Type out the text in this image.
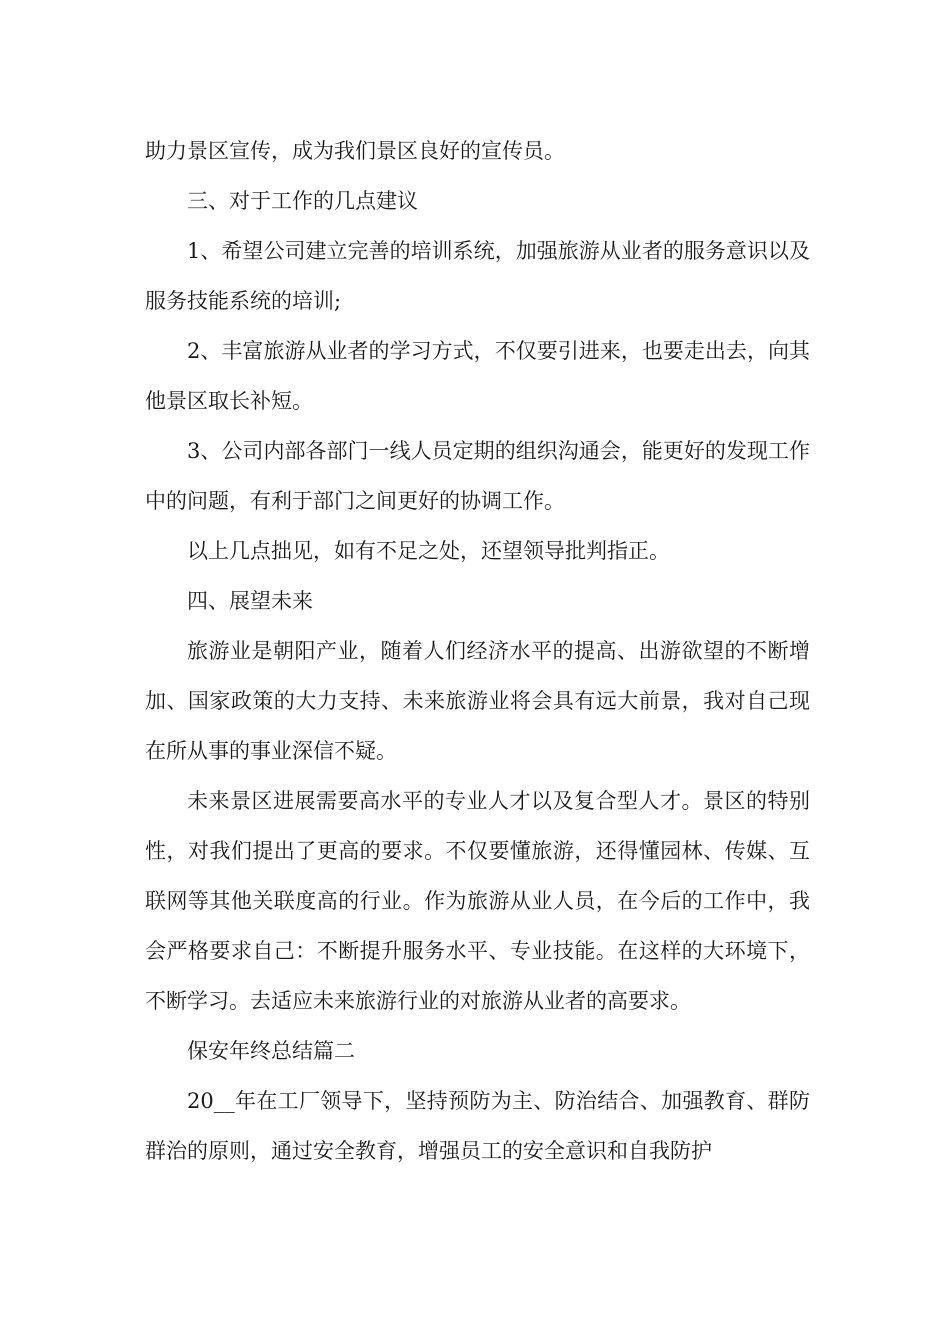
助力景区宣传，成为我们景区良好的宣传员。

三、对于工作的几点建议

1、希望公司建立完善的培训系统，加强旅游从业者的服务意识以及服务技能系统的培训;

2、丰富旅游从业者的学习方式，不仅要引进来，也要走出去，向其他景区取长补短。

3、公司内部各部门一线人员定期的组织沟通会，能更好的发现工作中的问题，有利于部门之间更好的协调工作。

以上几点拙见，如有不足之处，还望领导批判指正。

四、展望未来

旅游业是朝阳产业，随着人们经济水平的提高、出游欲望的不断增加、国家政策的大力支持、未来旅游业将会具有远大前景，我对自己现在所从事的事业深信不疑。

未来景区进展需要高水平的专业人才以及复合型人才。景区的特别性，对我们提出了更高的要求。不仅要懂旅游，还得懂园林、传媒、互联网等其他关联度高的行业。作为旅游从业人员，在今后的工作中，我会严格要求自己：不断提升服务水平、专业技能。在这样的大环境下，不断学习。去适应未来旅游行业的对旅游从业者的高要求。

保安年终总结篇二

20__年在工厂领导下，坚持预防为主、防治结合、加强教育、群防群治的原则，通过安全教育，增强员工的安全意识和自我防护
